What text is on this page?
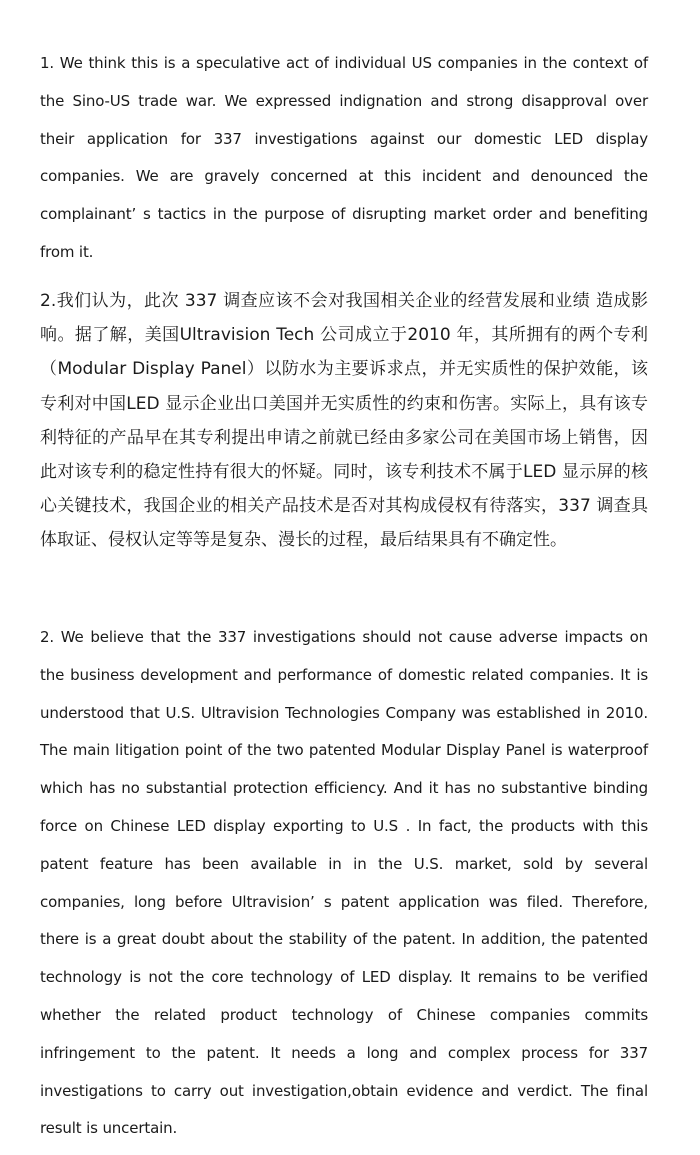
1. We think this is a speculative act of individual US companies in the context of the Sino-US trade war. We expressed indignation and strong disapproval over their application for 337 investigations against our domestic LED display companies. We are gravely concerned at this incident and denounced the complainant’ s tactics in the purpose of disrupting market order and benefiting from it.

2.我们认为，此次 337 调查应该不会对我国相关企业的经营发展和业绩 造成影响。据了解，美国Ultravision Tech 公司成立于2010 年，其所拥有的两个专利（Modular Display Panel）以防水为主要诉求点，并无实质性的保护效能，该专利对中国LED 显示企业出口美国并无实质性的约束和伤害。实际上，具有该专 利特征的产品早在其专利提出申请之前就已经由多家公司在美国市场上销售，因 此对该专利的稳定性持有很大的怀疑。同时，该专利技术不属于LED 显示屏的核 心关键技术，我国企业的相关产品技术是否对其构成侵权有待落实，337 调查具体取证、侵权认定等等是复杂、漫长的过程，最后结果具有不确定性。

2. We believe that the 337 investigations should not cause adverse impacts on the business development and performance of domestic related companies. It is understood that U.S. Ultravision Technologies Company was established in 2010. The main litigation point of the two patented Modular Display Panel is waterproof which has no substantial protection efficiency. And it has no substantive binding force on Chinese LED display exporting to U.S . In fact, the products with this patent feature has been available in in the U.S. market, sold by several companies, long before Ultravision’ s patent application was filed. Therefore, there is a great doubt about the stability of the patent. In addition, the patented technology is not the core technology of LED display. It remains to be verified whether the related product technology of Chinese companies commits infringement to the patent. It needs a long and complex process for 337 investigations to carry out investigation,obtain evidence and verdict. The final result is uncertain.
